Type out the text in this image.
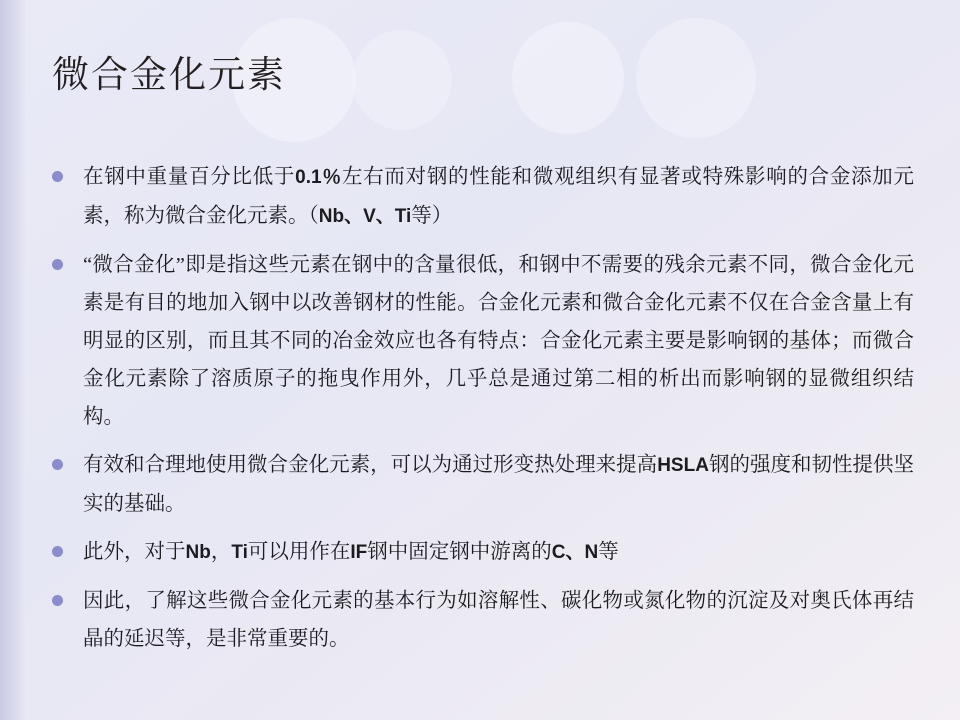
微合金化元素
在钢中重量百分比低于0.1％左右而对钢的性能和微观组织有显著或特殊影响的合金添加元素，称为微合金化元素。（Nb、V、Ti等）
“微合金化”即是指这些元素在钢中的含量很低，和钢中不需要的残余元素不同，微合金化元素是有目的地加入钢中以改善钢材的性能。合金化元素和微合金化元素不仅在合金含量上有明显的区别，而且其不同的冶金效应也各有特点：合金化元素主要是影响钢的基体；而微合金化元素除了溶质原子的拖曳作用外，几乎总是通过第二相的析出而影响钢的显微组织结构。
有效和合理地使用微合金化元素，可以为通过形变热处理来提高HSLA钢的强度和韧性提供坚实的基础。
此外，对于Nb，Ti可以用作在IF钢中固定钢中游离的C、N等
因此，了解这些微合金化元素的基本行为如溶解性、碳化物或氮化物的沉淀及对奥氏体再结晶的延迟等，是非常重要的。
